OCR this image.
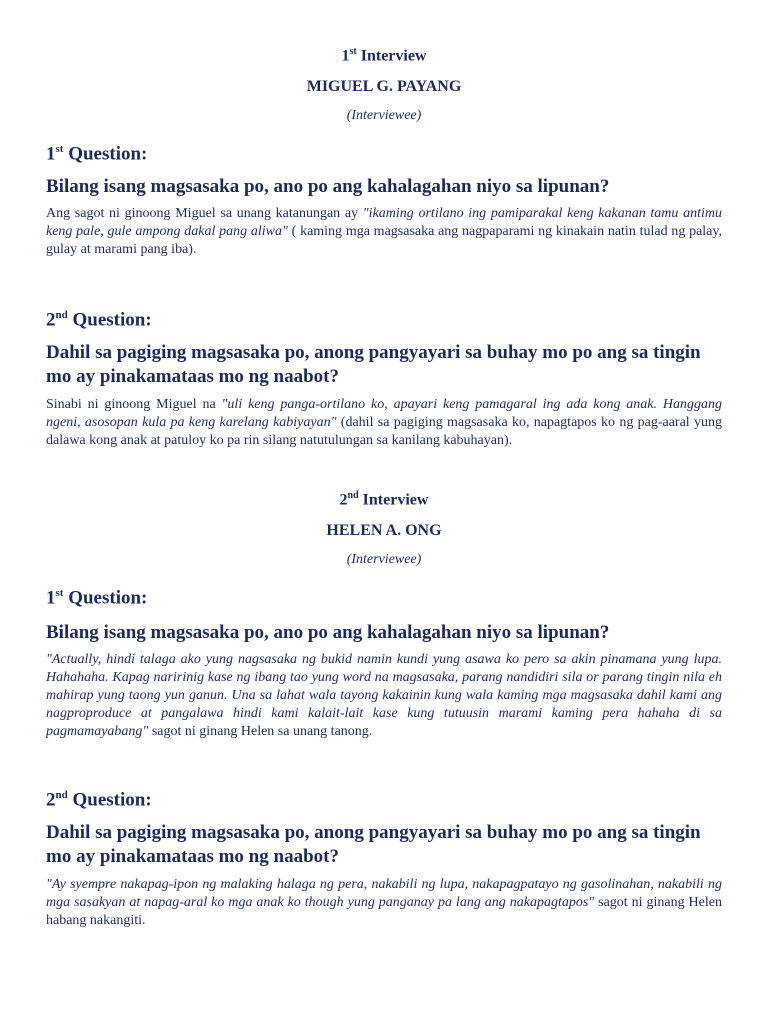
1st Interview
MIGUEL G. PAYANG
(Interviewee)
1st Question:
Bilang isang magsasaka po, ano po ang kahalagahan niyo sa lipunan?
Ang sagot ni ginoong Miguel sa unang katanungan ay "ikaming ortilano ing pamiparakal keng kakanan tamu antimu keng pale, gule ampong dakal pang aliwa" ( kaming mga magsasaka ang nagpaparami ng kinakain natin tulad ng palay, gulay at marami pang iba).
2nd Question:
Dahil sa pagiging magsasaka po, anong pangyayari sa buhay mo po ang sa tingin mo ay pinakamataas mo ng naabot?
Sinabi ni ginoong Miguel na "uli keng panga-ortilano ko, apayari keng pamagaral ing ada kong anak. Hanggang ngeni, asosopan kula pa keng karelang kabiyayan" (dahil sa pagiging magsasaka ko, napagtapos ko ng pag-aaral yung dalawa kong anak at patuloy ko pa rin silang natutulungan sa kanilang kabuhayan).
2nd Interview
HELEN A. ONG
(Interviewee)
1st Question:
Bilang isang magsasaka po, ano po ang kahalagahan niyo sa lipunan?
"Actually, hindi talaga ako yung nagsasaka ng bukid namin kundi yung asawa ko pero sa akin pinamana yung lupa. Hahahaha. Kapag naririnig kase ng ibang tao yung word na magsasaka, parang nandidiri sila or parang tingin nila eh mahirap yung taong yun ganun. Una sa lahat wala tayong kakainin kung wala kaming mga magsasaka dahil kami ang nagproproduce at pangalawa hindi kami kalait-lait kase kung tutuusin marami kaming pera hahaha di sa pagmamayabang" sagot ni ginang Helen sa unang tanong.
2nd Question:
Dahil sa pagiging magsasaka po, anong pangyayari sa buhay mo po ang sa tingin mo ay pinakamataas mo ng naabot?
"Ay syempre nakapag-ipon ng malaking halaga ng pera, nakabili ng lupa, nakapagpatayo ng gasolinahan, nakabili ng mga sasakyan at napag-aral ko mga anak ko though yung panganay pa lang ang nakapagtapos" sagot ni ginang Helen habang nakangiti.
